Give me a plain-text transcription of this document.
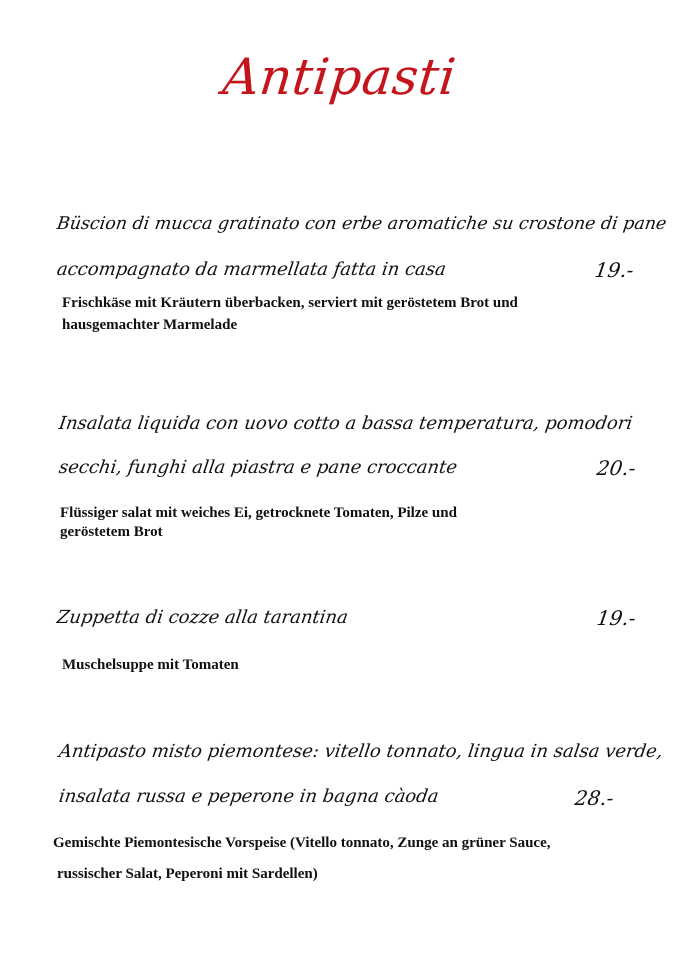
Antipasti
Büscion di mucca gratinato con erbe aromatiche su crostone di pane
accompagnato da marmellata fatta in casa	19.-
Frischkäse mit Kräutern überbacken, serviert mit geröstetem Brot und
hausgemachter Marmelade
Insalata liquida con uovo cotto a bassa temperatura, pomodori
secchi, funghi alla piastra e pane croccante	20.-
Flüssiger salat mit weiches Ei, getrocknete Tomaten, Pilze und
geröstetem Brot
Zuppetta di cozze alla tarantina	19.-
Muschelsuppe mit Tomaten
Antipasto misto piemontese: vitello tonnato, lingua in salsa verde,
insalata russa e peperone in bagna càoda	28.-
Gemischte Piemontesische Vorspeise (Vitello tonnato, Zunge an grüner Sauce,
russischer Salat, Peperoni mit Sardellen)
